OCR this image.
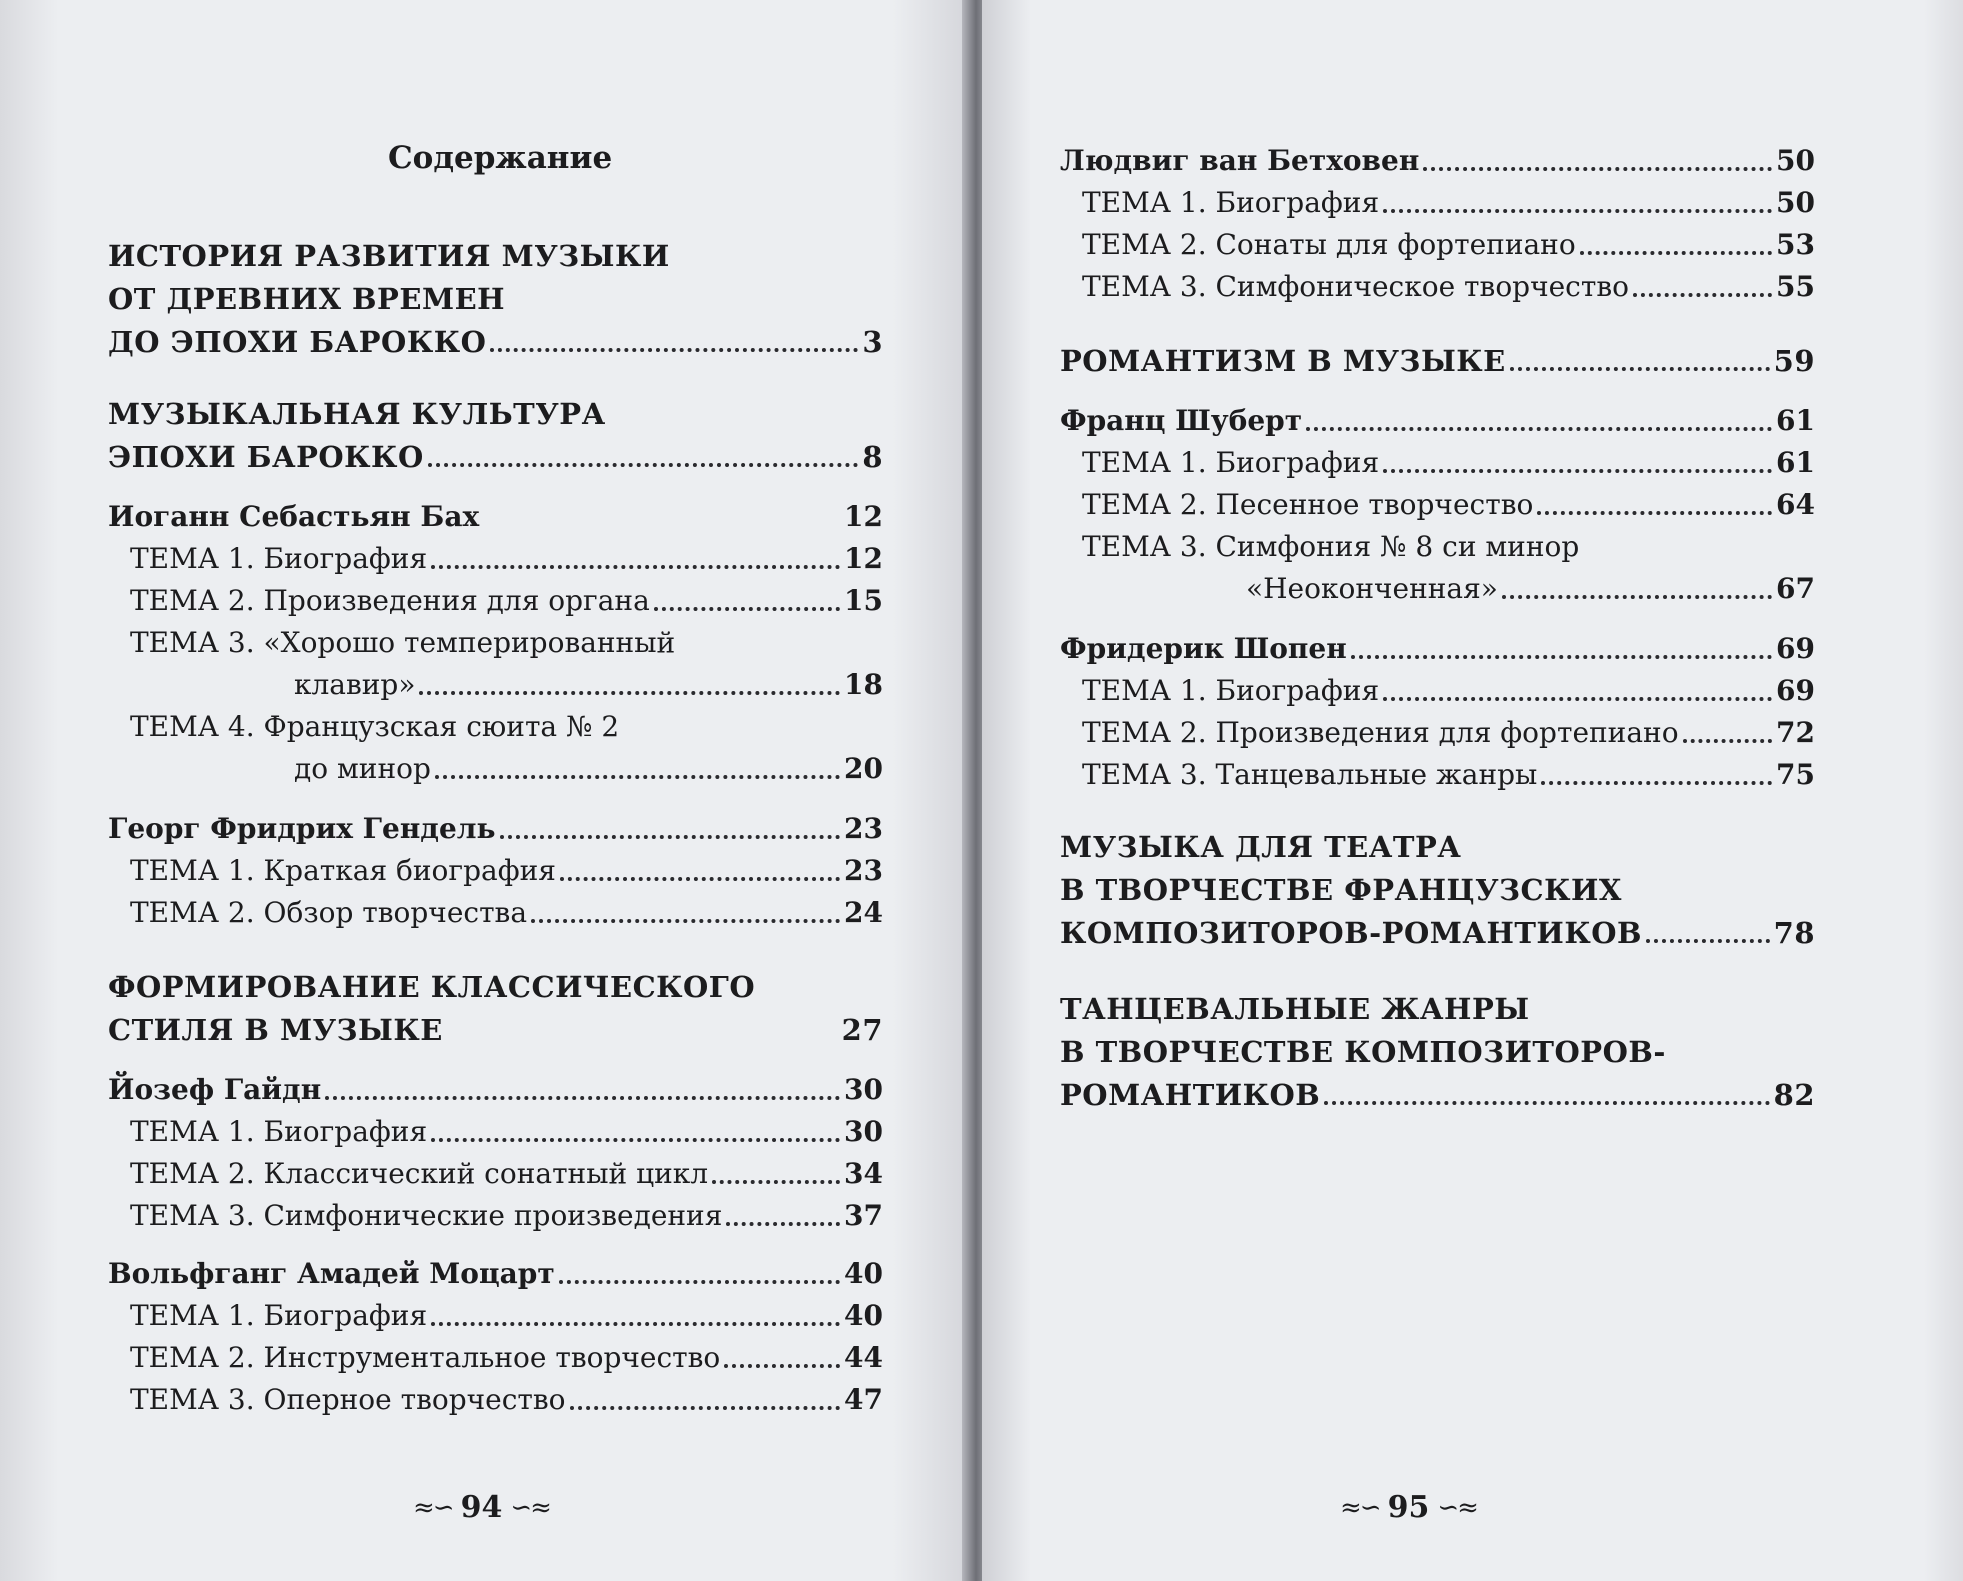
Содержание
ИСТОРИЯ РАЗВИТИЯ МУЗЫКИ
ОТ ДРЕВНИХ ВРЕМЕН
ДО ЭПОХИ БАРОККО	3
МУЗЫКАЛЬНАЯ КУЛЬТУРА
ЭПОХИ БАРОККО	8
Иоганн Себастьян Бах	12
ТЕМА 1. Биография	12
ТЕМА 2. Произведения для органа	15
ТЕМА 3. «Хорошо темперированный
клавир»	18
ТЕМА 4. Французская сюита № 2
до минор	20
Георг Фридрих Гендель	23
ТЕМА 1. Краткая биография	23
ТЕМА 2. Обзор творчества	24
ФОРМИРОВАНИЕ КЛАССИЧЕСКОГО
СТИЛЯ В МУЗЫКЕ	27
Йозеф Гайдн	30
ТЕМА 1. Биография	30
ТЕМА 2. Классический сонатный цикл	34
ТЕМА 3. Симфонические произведения	37
Вольфганг Амадей Моцарт	40
ТЕМА 1. Биография	40
ТЕМА 2. Инструментальное творчество	44
ТЕМА 3. Оперное творчество	47
≈∽ 94 ∽≈
Людвиг ван Бетховен	50
ТЕМА 1. Биография	50
ТЕМА 2. Сонаты для фортепиано	53
ТЕМА 3. Симфоническое творчество	55
РОМАНТИЗМ В МУЗЫКЕ	59
Франц Шуберт	61
ТЕМА 1. Биография	61
ТЕМА 2. Песенное творчество	64
ТЕМА 3. Симфония № 8 си минор
«Неоконченная»	67
Фридерик Шопен	69
ТЕМА 1. Биография	69
ТЕМА 2. Произведения для фортепиано	72
ТЕМА 3. Танцевальные жанры	75
МУЗЫКА ДЛЯ ТЕАТРА
В ТВОРЧЕСТВЕ ФРАНЦУЗСКИХ
КОМПОЗИТОРОВ-РОМАНТИКОВ	78
ТАНЦЕВАЛЬНЫЕ ЖАНРЫ
В ТВОРЧЕСТВЕ КОМПОЗИТОРОВ-
РОМАНТИКОВ	82
≈∽ 95 ∽≈
